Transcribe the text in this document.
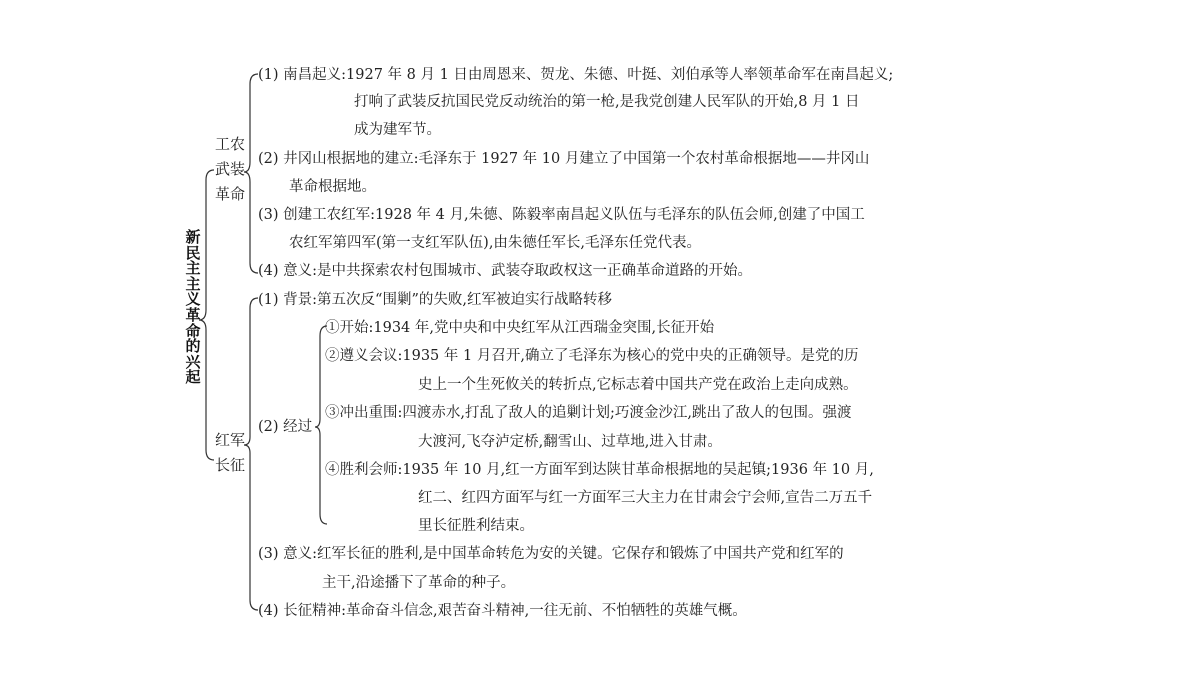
新
民
主
主
义
革
命
的
兴
起
工农
武装
革命
红军
长征
(1) 南昌起义:1927 年 8 月 1 日由周恩来、贺龙、朱德、叶挺、刘伯承等人率领革命军在南昌起义;
打响了武装反抗国民党反动统治的第一枪,是我党创建人民军队的开始,8 月 1 日
成为建军节。
(2) 井冈山根据地的建立:毛泽东于 1927 年 10 月建立了中国第一个农村革命根据地——井冈山
革命根据地。
(3) 创建工农红军:1928 年 4 月,朱德、陈毅率南昌起义队伍与毛泽东的队伍会师,创建了中国工
农红军第四军(第一支红军队伍),由朱德任军长,毛泽东任党代表。
(4) 意义:是中共探索农村包围城市、武装夺取政权这一正确革命道路的开始。
(1) 背景:第五次反“围剿”的失败,红军被迫实行战略转移
(2) 经过
①开始:1934 年,党中央和中央红军从江西瑞金突围,长征开始
②遵义会议:1935 年 1 月召开,确立了毛泽东为核心的党中央的正确领导。是党的历
史上一个生死攸关的转折点,它标志着中国共产党在政治上走向成熟。
③冲出重围:四渡赤水,打乱了敌人的追剿计划;巧渡金沙江,跳出了敌人的包围。强渡
大渡河,飞夺泸定桥,翻雪山、过草地,进入甘肃。
④胜利会师:1935 年 10 月,红一方面军到达陕甘革命根据地的吴起镇;1936 年 10 月,
红二、红四方面军与红一方面军三大主力在甘肃会宁会师,宣告二万五千
里长征胜利结束。
(3) 意义:红军长征的胜利,是中国革命转危为安的关键。它保存和锻炼了中国共产党和红军的
主干,沿途播下了革命的种子。
(4) 长征精神:革命奋斗信念,艰苦奋斗精神,一往无前、不怕牺牲的英雄气概。
